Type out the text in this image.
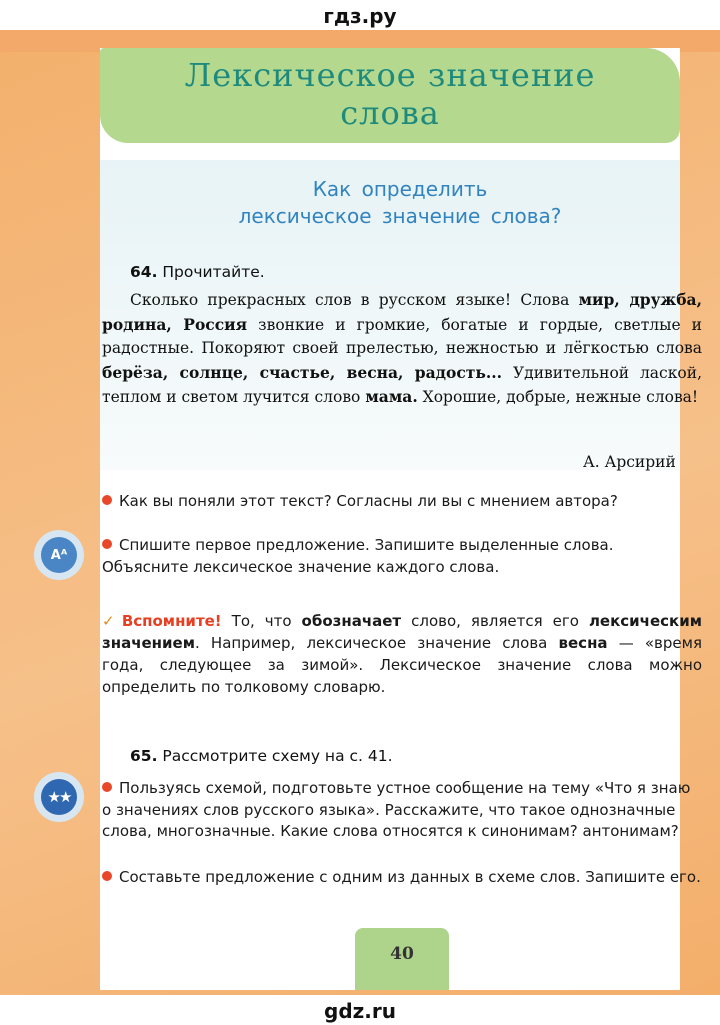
гдз.ру
Лексическое значение
слова
Как определить
лексическое значение слова?
64. Прочитайте.
Сколько прекрасных слов в русском языке! Слова мир, дружба, родина, Россия звонкие и громкие, богатые и гордые, светлые и радостные. Покоряют своей прелестью, нежностью и лёгкостью слова берёза, солнце, счастье, весна, радость... Удивительной лаской, теплом и светом лучится слово мама. Хорошие, добрые, нежные слова!
А. Арсирий
Как вы поняли этот текст? Согласны ли вы с мнением автора?
Aᴬ
Спишите первое предложение. Запишите выделенные слова. Объясните лексическое значение каждого слова.
✓ Вспомните! То, что обозначает слово, является его лексическим значением. Например, лексическое значение слова весна — «время года, следующее за зимой». Лексическое значение слова можно определить по толковому словарю.
65. Рассмотрите схему на с. 41.
★★	Пользуясь схемой, подготовьте устное сообщение на тему «Что я знаю о значениях слов русского языка». Расскажите, что такое однозначные слова, многозначные. Какие слова относятся к синонимам? антонимам?
Составьте предложение с одним из данных в схеме слов. Запишите его.
40
gdz.ru
